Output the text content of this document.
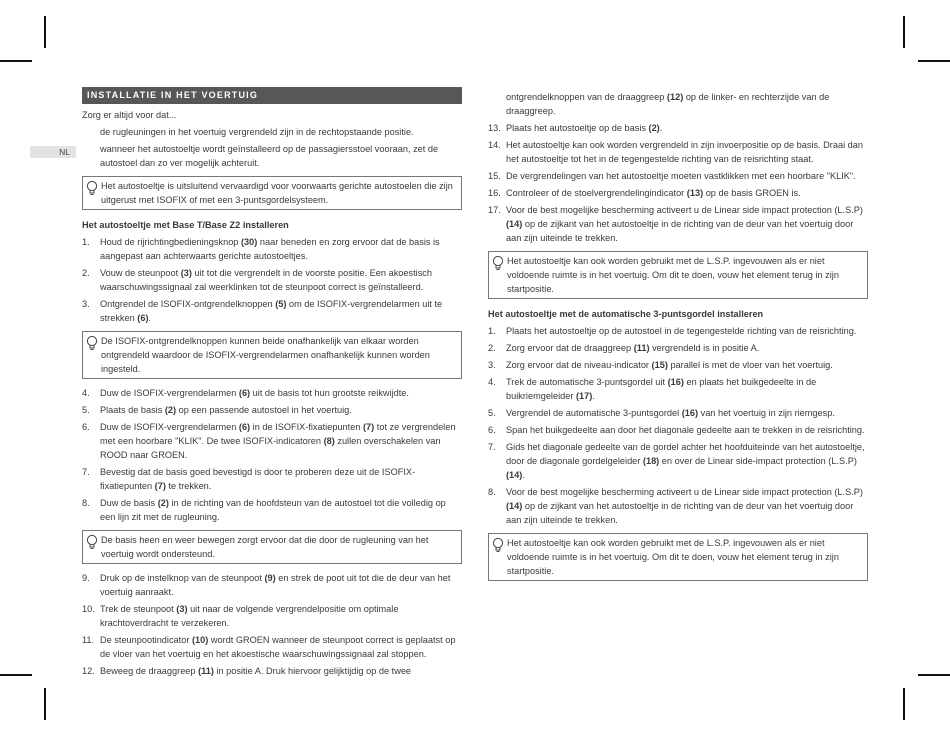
NL
INSTALLATIE IN HET VOERTUIG
Zorg er altijd voor dat...
de rugleuningen in het voertuig vergrendeld zijn in de rechtopstaande positie.
wanneer het autostoeltje wordt geïnstalleerd op de passagiersstoel vooraan, zet de autostoel dan zo ver mogelijk achteruit.
Het autostoeltje is uitsluitend vervaardigd voor voorwaarts gerichte autostoelen die zijn uitgerust met ISOFIX of met een 3-puntsgordelsysteem.
Het autostoeltje met Base T/Base Z2 installeren
1.	Houd de rijrichtingbedieningsknop (30) naar beneden en zorg ervoor dat de basis is aangepast aan achterwaarts gerichte autostoeltjes.
2.	Vouw de steunpoot (3) uit tot die vergrendelt in de voorste positie. Een akoestisch waarschuwingssignaal zal weerklinken tot de steunpoot correct is geïnstalleerd.
3.	Ontgrendel de ISOFIX-ontgrendelknoppen (5) om de ISOFIX-vergrendelarmen uit te strekken (6).
De ISOFIX-ontgrendelknoppen kunnen beide onafhankelijk van elkaar worden ontgrendeld waardoor de ISOFIX-vergrendelarmen onafhankelijk kunnen worden ingesteld.
4.	Duw de ISOFIX-vergrendelarmen (6) uit de basis tot hun grootste reikwijdte.
5.	Plaats de basis (2) op een passende autostoel in het voertuig.
6.	Duw de ISOFIX-vergrendelarmen (6) in de ISOFIX-fixatiepunten (7) tot ze vergrendelen met een hoorbare "KLIK". De twee ISOFIX-indicatoren (8) zullen overschakelen van ROOD naar GROEN.
7.	Bevestig dat de basis goed bevestigd is door te proberen deze uit de ISOFIX-fixatiepunten (7) te trekken.
8.	Duw de basis (2) in de richting van de hoofdsteun van de autostoel tot die volledig op een lijn zit met de rugleuning.
De basis heen en weer bewegen zorgt ervoor dat die door de rugleuning van het voertuig wordt ondersteund.
9.	Druk op de instelknop van de steunpoot (9) en strek de poot uit tot die de deur van het voertuig aanraakt.
10. Trek de steunpoot (3) uit naar de volgende vergrendelpositie om optimale krachtoverdracht te verzekeren.
11. De steunpootindicator (10) wordt GROEN wanneer de steunpoot correct is geplaatst op de vloer van het voertuig en het akoestische waarschuwingssignaal zal stoppen.
12. Beweeg de draaggreep (11) in positie A. Druk hiervoor gelijktijdig op de twee
ontgrendelknoppen van de draaggreep (12) op de linker- en rechterzijde van de draaggreep.
13. Plaats het autostoeltje op de basis (2).
14. Het autostoeltje kan ook worden vergrendeld in zijn invoerpositie op de basis. Draai dan het autostoeltje tot het in de tegengestelde richting van de reisrichting staat.
15. De vergrendelingen van het autostoeltje moeten vastklikken met een hoorbare "KLIK".
16. Controleer of de stoelvergrendelingindicator (13) op de basis GROEN is.
17. Voor de best mogelijke bescherming activeert u de Linear side impact protection (L.S.P) (14) op de zijkant van het autostoeltje in de richting van de deur van het voertuig door aan zijn uiteinde te trekken.
Het autostoeltje kan ook worden gebruikt met de L.S.P. ingevouwen als er niet voldoende ruimte is in het voertuig. Om dit te doen, vouw het element terug in zijn startpositie.
Het autostoeltje met de automatische 3-puntsgordel installeren
1.	Plaats het autostoeltje op de autostoel in de tegengestelde richting van de reisrichting.
2.	Zorg ervoor dat de draaggreep (11) vergrendeld is in positie A.
3.	Zorg ervoor dat de niveau-indicator (15) parallel is met de vloer van het voertuig.
4.	Trek de automatische 3-puntsgordel uit (16) en plaats het buikgedeelte in de buikriemgeleider (17).
5.	Vergrendel de automatische 3-puntsgordel (16) van het voertuig in zijn riemgesp.
6.	Span het buikgedeelte aan door het diagonale gedeelte aan te trekken in de reisrichting.
7.	Gids het diagonale gedeelte van de gordel achter het hoofduiteinde van het autostoeltje, door de diagonale gordelgeleider (18) en over de Linear side-impact protection (L.S.P) (14).
8.	Voor de best mogelijke bescherming activeert u de Linear side impact protection (L.S.P) (14) op de zijkant van het autostoeltje in de richting van de deur van het voertuig door aan zijn uiteinde te trekken.
Het autostoeltje kan ook worden gebruikt met de L.S.P. ingevouwen als er niet voldoende ruimte is in het voertuig. Om dit te doen, vouw het element terug in zijn startpositie.
